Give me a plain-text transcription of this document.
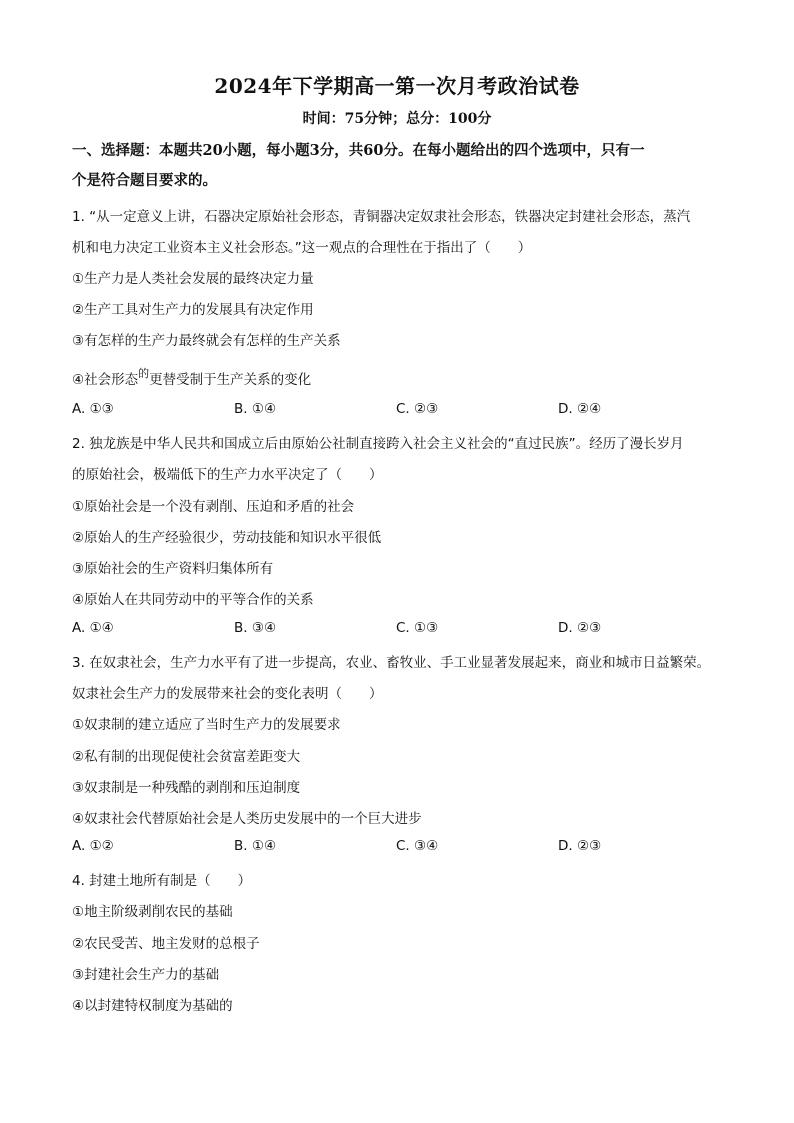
2024年下学期高一第一次月考政治试卷
时间：75分钟；总分：100分
一、选择题：本题共20小题，每小题3分，共60分。在每小题给出的四个选项中，只有一
个是符合题目要求的。
1. “从一定意义上讲，石器决定原始社会形态，青铜器决定奴隶社会形态，铁器决定封建社会形态，蒸汽
机和电力决定工业资本主义社会形态。”这一观点的合理性在于指出了（　　）
①生产力是人类社会发展的最终决定力量
②生产工具对生产力的发展具有决定作用
③有怎样的生产力最终就会有怎样的生产关系
④社会形态$^的$更替受制于生产关系的变化
A. ①③	B. ①④	C. ②③	D. ②④
2. 独龙族是中华人民共和国成立后由原始公社制直接跨入社会主义社会的“直过民族”。经历了漫长岁月
的原始社会，极端低下的生产力水平决定了（　　）
①原始社会是一个没有剥削、压迫和矛盾的社会
②原始人的生产经验很少，劳动技能和知识水平很低
③原始社会的生产资料归集体所有
④原始人在共同劳动中的平等合作的关系
A. ①④	B. ③④	C. ①③	D. ②③
3. 在奴隶社会，生产力水平有了进一步提高，农业、畜牧业、手工业显著发展起来，商业和城市日益繁荣。
奴隶社会生产力的发展带来社会的变化表明（　　）
①奴隶制的建立适应了当时生产力的发展要求
②私有制的出现促使社会贫富差距变大
③奴隶制是一种残酷的剥削和压迫制度
④奴隶社会代替原始社会是人类历史发展中的一个巨大进步
A. ①②	B. ①④	C. ③④	D. ②③
4. 封建土地所有制是（　　）
①地主阶级剥削农民的基础
②农民受苦、地主发财的总根子
③封建社会生产力的基础
④以封建特权制度为基础的
